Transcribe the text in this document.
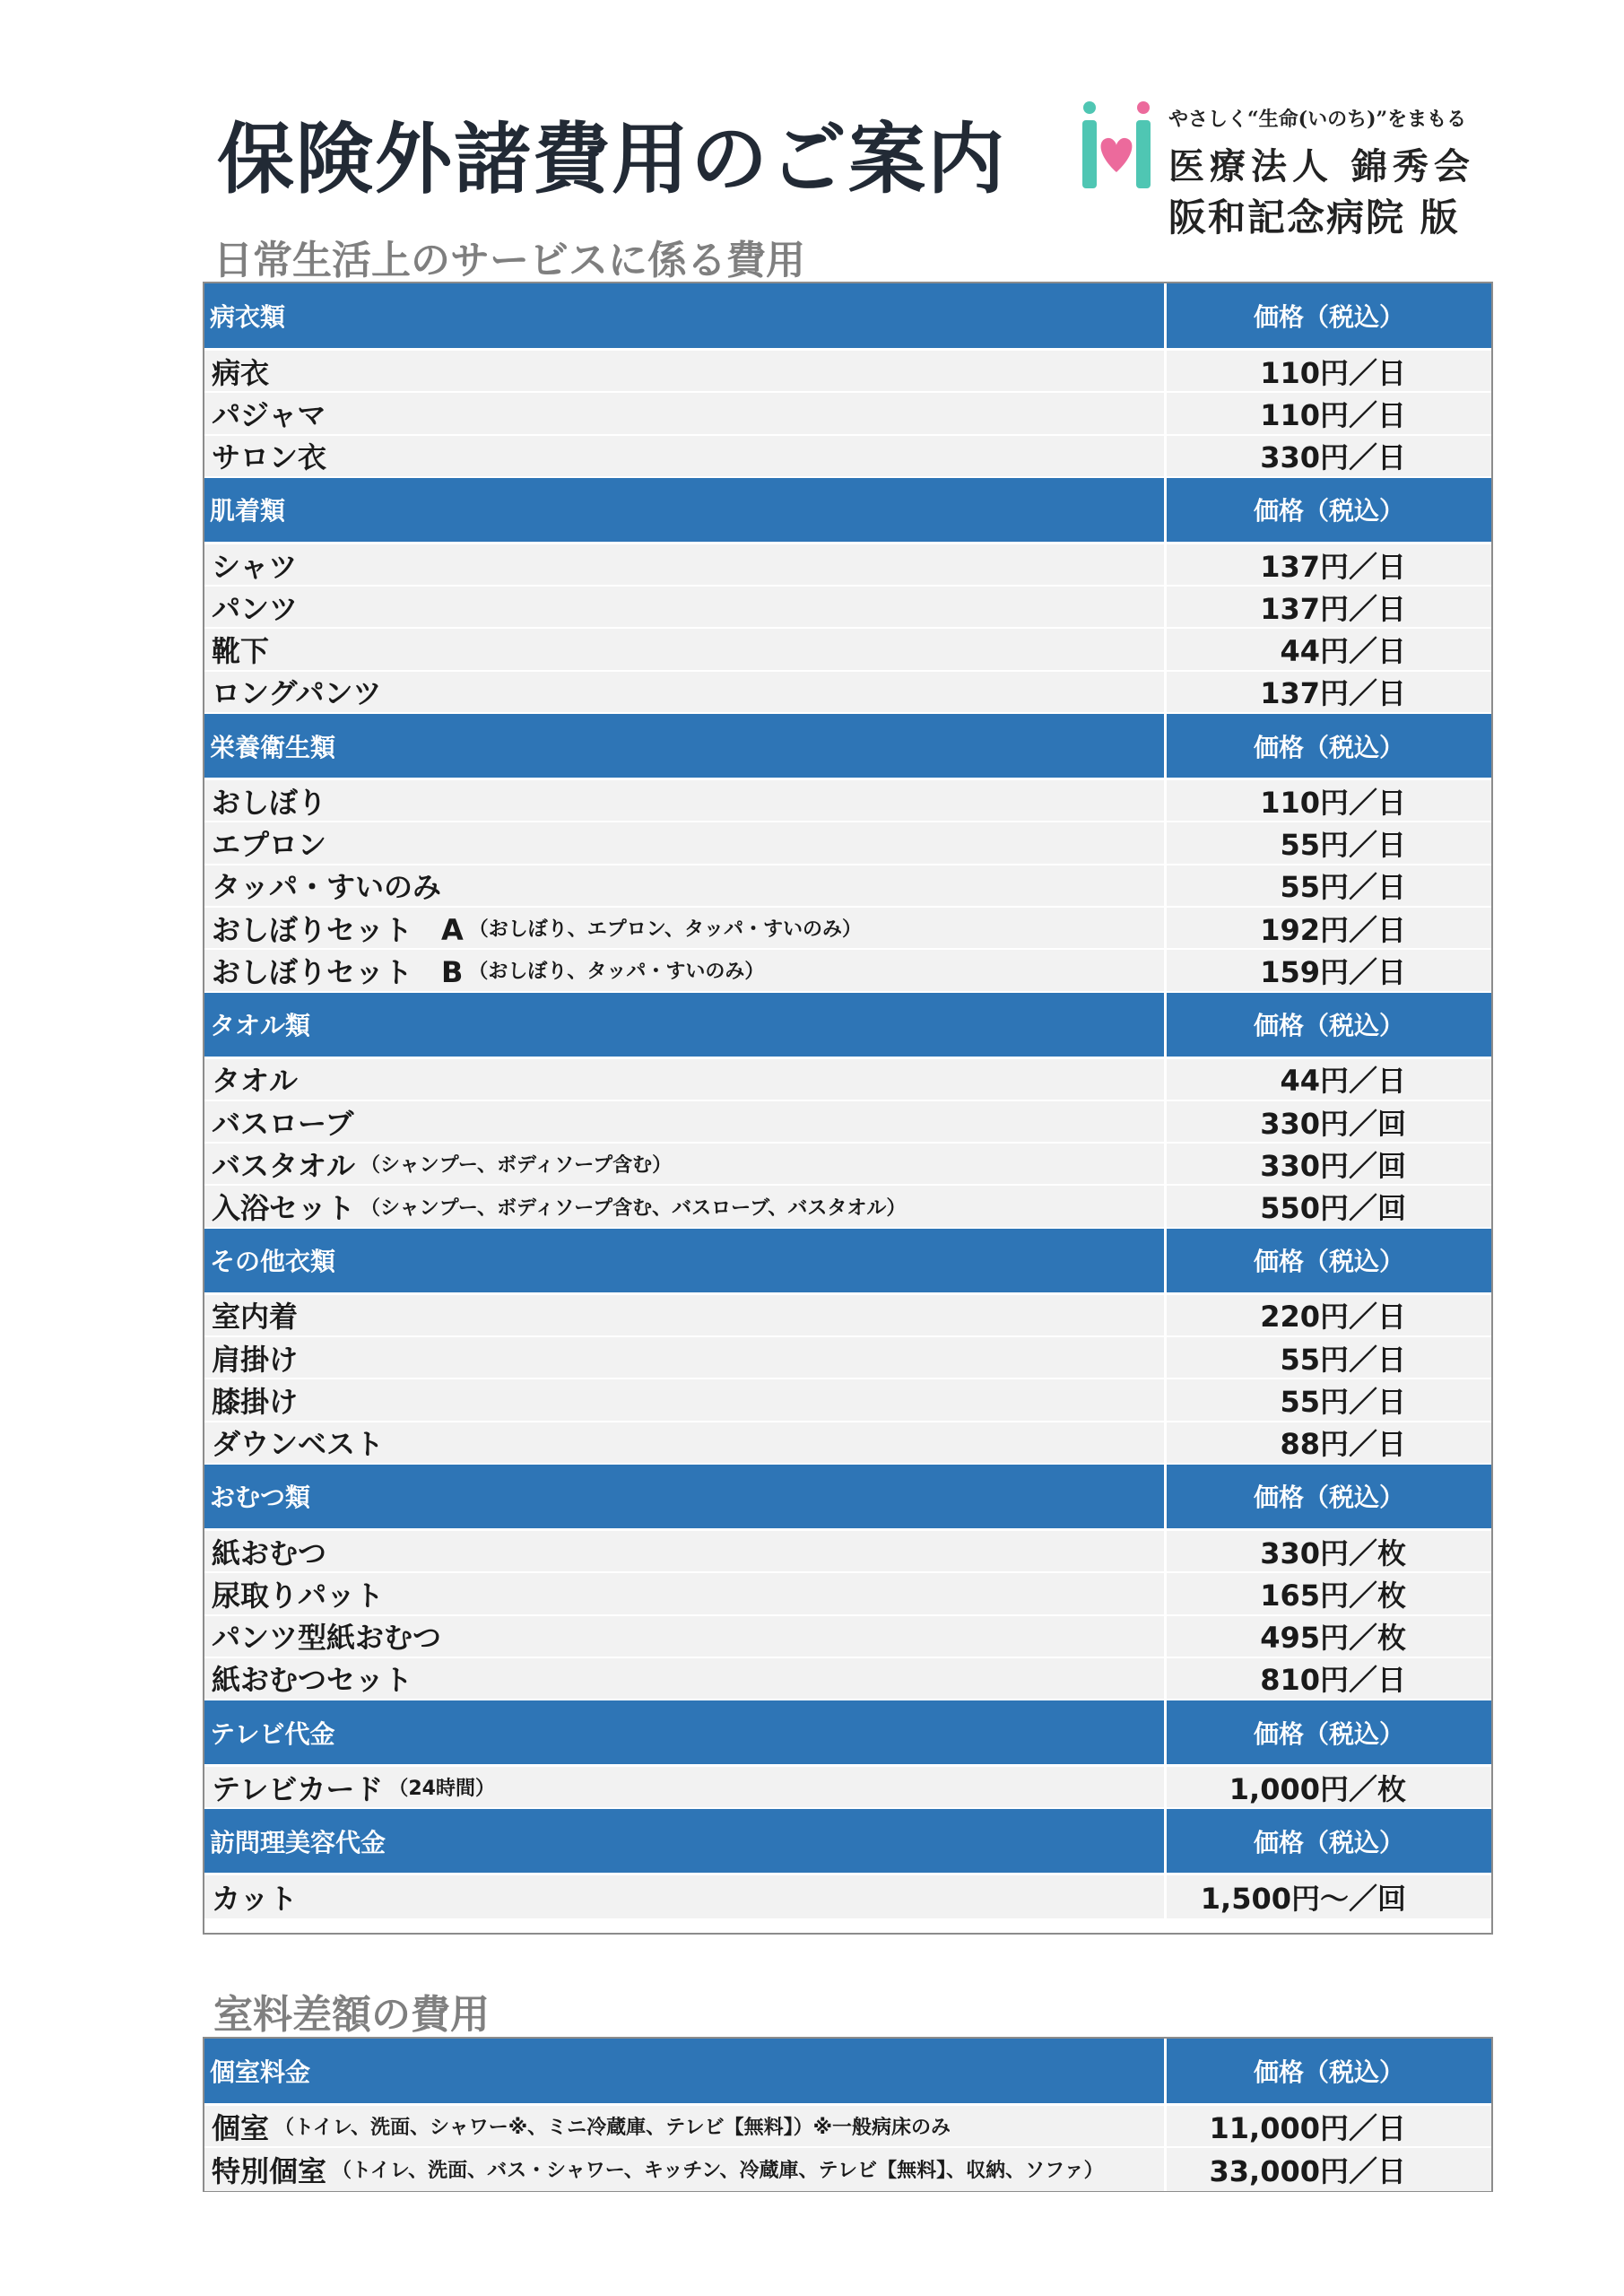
保険外諸費用のご案内	やさしく“生命(いのち)”をまもる
医療法人 錦秀会
阪和記念病院 版
日常生活上のサービスに係る費用
病衣類	価格（税込）
病衣	110円／日
パジャマ	110円／日
サロン衣	330円／日
肌着類	価格（税込）
シャツ	137円／日
パンツ	137円／日
靴下	44円／日
ロングパンツ	137円／日
栄養衛生類	価格（税込）
おしぼり	110円／日
エプロン	55円／日
タッパ・すいのみ	55円／日
おしぼりセット　A （おしぼり、エプロン、タッパ・すいのみ）	192円／日
おしぼりセット　B （おしぼり、タッパ・すいのみ）	159円／日
タオル類	価格（税込）
タオル	44円／日
バスローブ	330円／回
バスタオル （シャンプー、ボディソープ含む）	330円／回
入浴セット （シャンプー、ボディソープ含む、バスローブ、バスタオル）	550円／回
その他衣類	価格（税込）
室内着	220円／日
肩掛け	55円／日
膝掛け	55円／日
ダウンベスト	88円／日
おむつ類	価格（税込）
紙おむつ	330円／枚
尿取りパット	165円／枚
パンツ型紙おむつ	495円／枚
紙おむつセット	810円／日
テレビ代金	価格（税込）
テレビカード （24時間）	1,000円／枚
訪問理美容代金	価格（税込）
カット	1,500円～／回
室料差額の費用
個室料金	価格（税込）
個室 （トイレ、洗面、シャワー※、ミニ冷蔵庫、テレビ【無料】）※一般病床のみ	11,000円／日
特別個室 （トイレ、洗面、バス・シャワー、キッチン、冷蔵庫、テレビ【無料】、収納、ソファ）	33,000円／日
